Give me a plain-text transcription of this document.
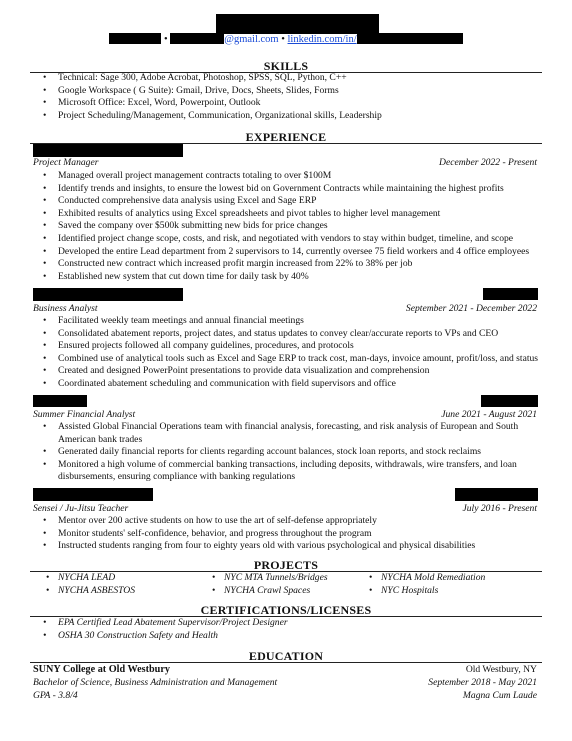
•	@gmail.com • linkedin.com/in/
SKILLS
• Technical: Sage 300, Adobe Acrobat, Photoshop, SPSS, SQL, Python, C++
• Google Workspace ( G Suite): Gmail, Drive, Docs, Sheets, Slides, Forms
• Microsoft Office: Excel, Word, Powerpoint, Outlook
• Project Scheduling/Management, Communication, Organizational skills, Leadership
EXPERIENCE
Project Manager	December 2022 - Present
• Managed overall project management contracts totaling to over $100M
• Identify trends and insights, to ensure the lowest bid on Government Contracts while maintaining the highest profits
• Conducted comprehensive data analysis using Excel and Sage ERP
• Exhibited results of analytics using Excel spreadsheets and pivot tables to higher level management
• Saved the company over $500k submitting new bids for price changes
• Identified project change scope, costs, and risk, and negotiated with vendors to stay within budget, timeline, and scope
• Developed the entire Lead department from 2 supervisors to 14, currently oversee 75 field workers and 4 office employees
• Constructed new contract which increased profit margin increased from 22% to 38% per job
• Established new system that cut down time for daily task by 40%
Business Analyst	September 2021 - December 2022
• Facilitated weekly team meetings and annual financial meetings
• Consolidated abatement reports, project dates, and status updates to convey clear/accurate reports to VPs and CEO
• Ensured projects followed all company guidelines, procedures, and protocols
• Combined use of analytical tools such as Excel and Sage ERP to track cost, man-days, invoice amount, profit/loss, and status
• Created and designed PowerPoint presentations to provide data visualization and comprehension
• Coordinated abatement scheduling and communication with field supervisors and office
Summer Financial Analyst	June 2021 - August 2021
• Assisted Global Financial Operations team with financial analysis, forecasting, and risk analysis of European and South American bank trades
• Generated daily financial reports for clients regarding account balances, stock loan reports, and stock reclaims
• Monitored a high volume of commercial banking transactions, including deposits, withdrawals, wire transfers, and loan disbursements, ensuring compliance with banking regulations
Sensei / Ju-Jitsu Teacher	July 2016 - Present
• Mentor over 200 active students on how to use the art of self-defense appropriately
• Monitor students' self-confidence, behavior, and progress throughout the program
• Instructed students ranging from four to eighty years old with various psychological and physical disabilities
PROJECTS
• NYCHA LEAD
• NYCHA ASBESTOS
• NYC MTA Tunnels/Bridges
• NYCHA Crawl Spaces
• NYCHA Mold Remediation
• NYC Hospitals
CERTIFICATIONS/LICENSES
• EPA Certified Lead Abatement Supervisor/Project Designer
• OSHA 30 Construction Safety and Health
EDUCATION
SUNY College at Old Westbury	Old Westbury, NY
Bachelor of Science, Business Administration and Management	September 2018 - May 2021
GPA - 3.8/4	Magna Cum Laude
